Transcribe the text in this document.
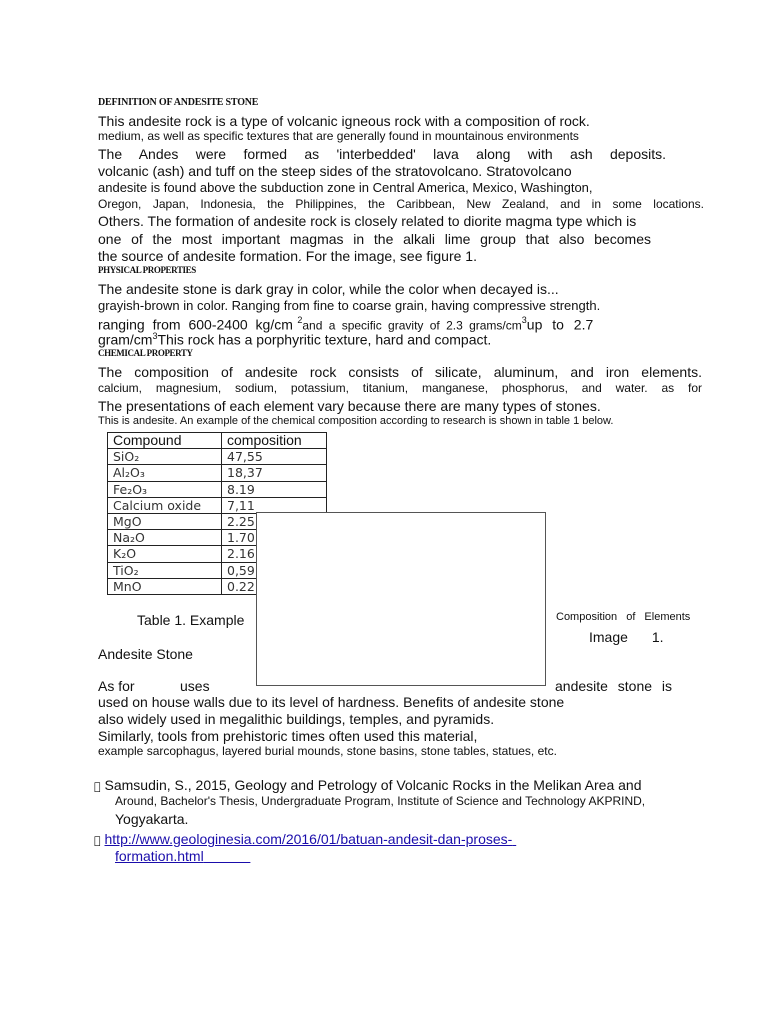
DEFINITION OF ANDESITE STONE
This andesite rock is a type of volcanic igneous rock with a composition of rock.
medium, as well as specific textures that are generally found in mountainous environments
The Andes were formed as 'interbedded' lava along with ash deposits.
volcanic (ash) and tuff on the steep sides of the stratovolcano. Stratovolcano
andesite is found above the subduction zone in Central America, Mexico, Washington,
Oregon, Japan, Indonesia, the Philippines, the Caribbean, New Zealand, and in some locations.
Others. The formation of andesite rock is closely related to diorite magma type which is
one of the most important magmas in the alkali lime group that also becomes
the source of andesite formation. For the image, see figure 1.
PHYSICAL PROPERTIES
The andesite stone is dark gray in color, while the color when decayed is...
grayish-brown in color. Ranging from fine to coarse grain, having compressive strength.
ranging from 600-2400 kg/cm $^2$and a specific gravity of 2.3 grams/$cm^3up$ to 2.7
gram/$cm^3This$ rock has a porphyritic texture, hard and compact.
CHEMICAL PROPERTY
The composition of andesite rock consists of silicate, aluminum, and iron elements.
calcium, magnesium, sodium, potassium, titanium, manganese, phosphorus, and water. as for
The presentations of each element vary because there are many types of stones.
This is andesite. An example of the chemical composition according to research is shown in table 1 below.
Compound	composition
SiO₂	47,55
Al₂O₃	18,37
Fe₂O₃	8.19
Calcium oxide	7,11
MgO	2.25
Na₂O	1.70
K₂O	2.16
TiO₂	0,59
MnO	0.22
Table 1. Example	Composition of Elements
Image 1.
Andesite Stone
As for	uses	andesite stone is
used on house walls due to its level of hardness. Benefits of andesite stone
also widely used in megalithic buildings, temples, and pyramids.
Similarly, tools from prehistoric times often used this material,
example sarcophagus, layered burial mounds, stone basins, stone tables, statues, etc.
Samsudin, S., 2015, Geology and Petrology of Volcanic Rocks in the Melikan Area and
Around, Bachelor's Thesis, Undergraduate Program, Institute of Science and Technology AKPRIND,
Yogyakarta.
http://www.geologinesia.com/2016/01/batuan-andesit-dan-proses-
formation.html
